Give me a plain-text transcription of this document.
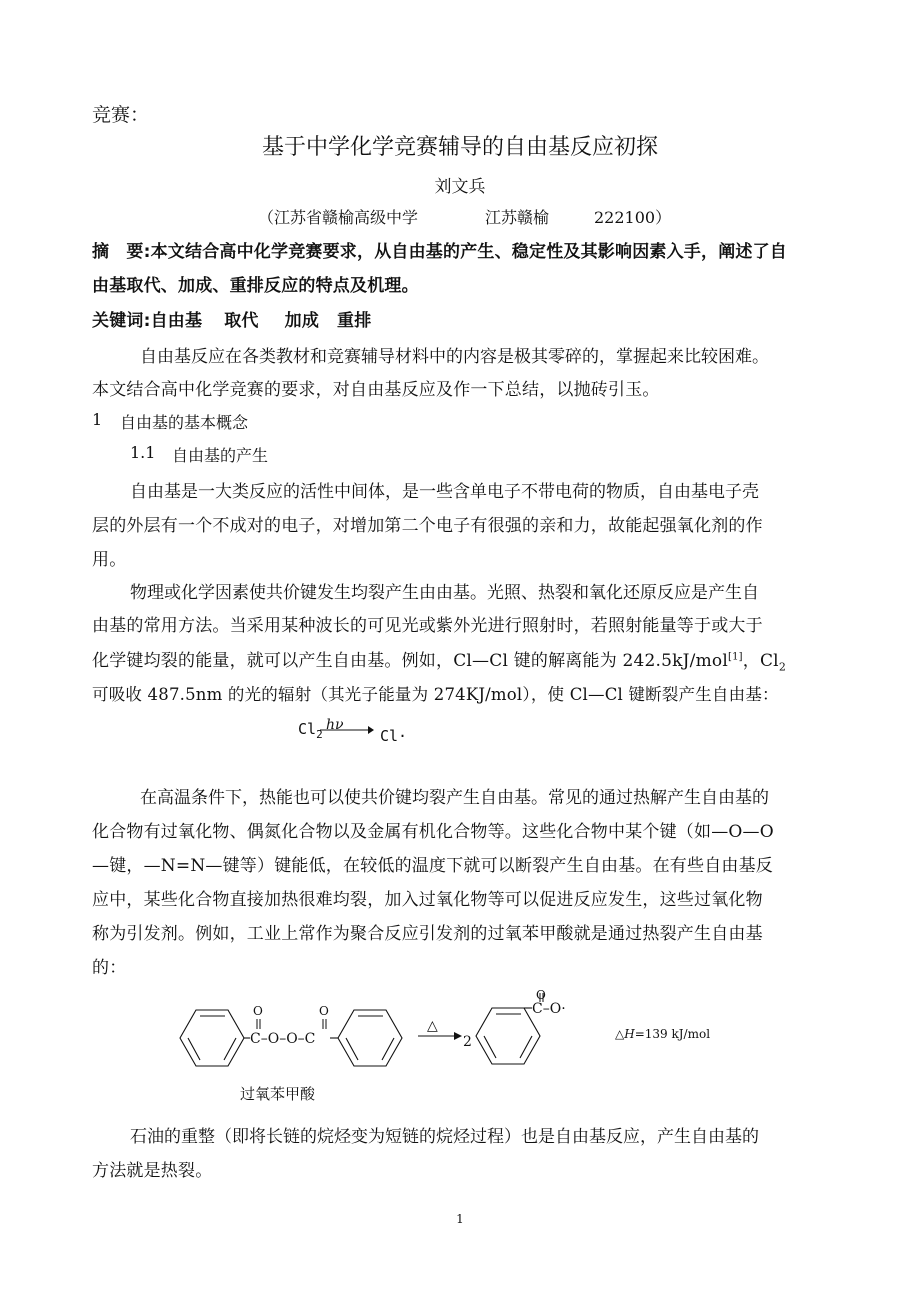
竞赛：
基于中学化学竞赛辅导的自由基反应初探
刘文兵
（江苏省赣榆高级中学	江苏赣榆	222100）
摘　要:本文结合高中化学竞赛要求，从自由基的产生、稳定性及其影响因素入手，阐述了自
由基取代、加成、重排反应的特点及机理。
关键词:自由基 取代 加成 重排
自由基反应在各类教材和竞赛辅导材料中的内容是极其零碎的，掌握起来比较困难。
本文结合高中化学竞赛的要求，对自由基反应及作一下总结，以抛砖引玉。
1 自由基的基本概念
1.1 自由基的产生
自由基是一大类反应的活性中间体，是一些含单电子不带电荷的物质，自由基电子壳
层的外层有一个不成对的电子，对增加第二个电子有很强的亲和力，故能起强氧化剂的作
用。
物理或化学因素使共价键发生均裂产生由由基。光照、热裂和氧化还原反应是产生自
由基的常用方法。当采用某种波长的可见光或紫外光进行照射时，若照射能量等于或大于
化学键均裂的能量，就可以产生自由基。例如，Cl—Cl 键的解离能为 242.5kJ/mol[1]，$Cl_2$
可吸收 487.5nm 的光的辐射（其光子能量为 274KJ/mol），使 Cl—Cl 键断裂产生自由基：
$Cl_2$
hν
→ Cl·
在高温条件下，热能也可以使共价键均裂产生自由基。常见的通过热解产生自由基的
化合物有过氧化物、偶氮化合物以及金属有机化合物等。这些化合物中某个键（如—O—O
—键，—N=N—键等）键能低，在较低的温度下就可以断裂产生自由基。在有些自由基反
应中，某些化合物直接加热很难均裂，加入过氧化物等可以促进反应发生，这些过氧化物
称为引发剂。例如，工业上常作为聚合反应引发剂的过氧苯甲酸就是通过热裂产生自由基
的：
C–O–O–C
O	O
△
2
C–O·
O
△H=139 kJ/mol
过氧苯甲酸
石油的重整（即将长链的烷烃变为短链的烷烃过程）也是自由基反应，产生自由基的
方法就是热裂。
1
